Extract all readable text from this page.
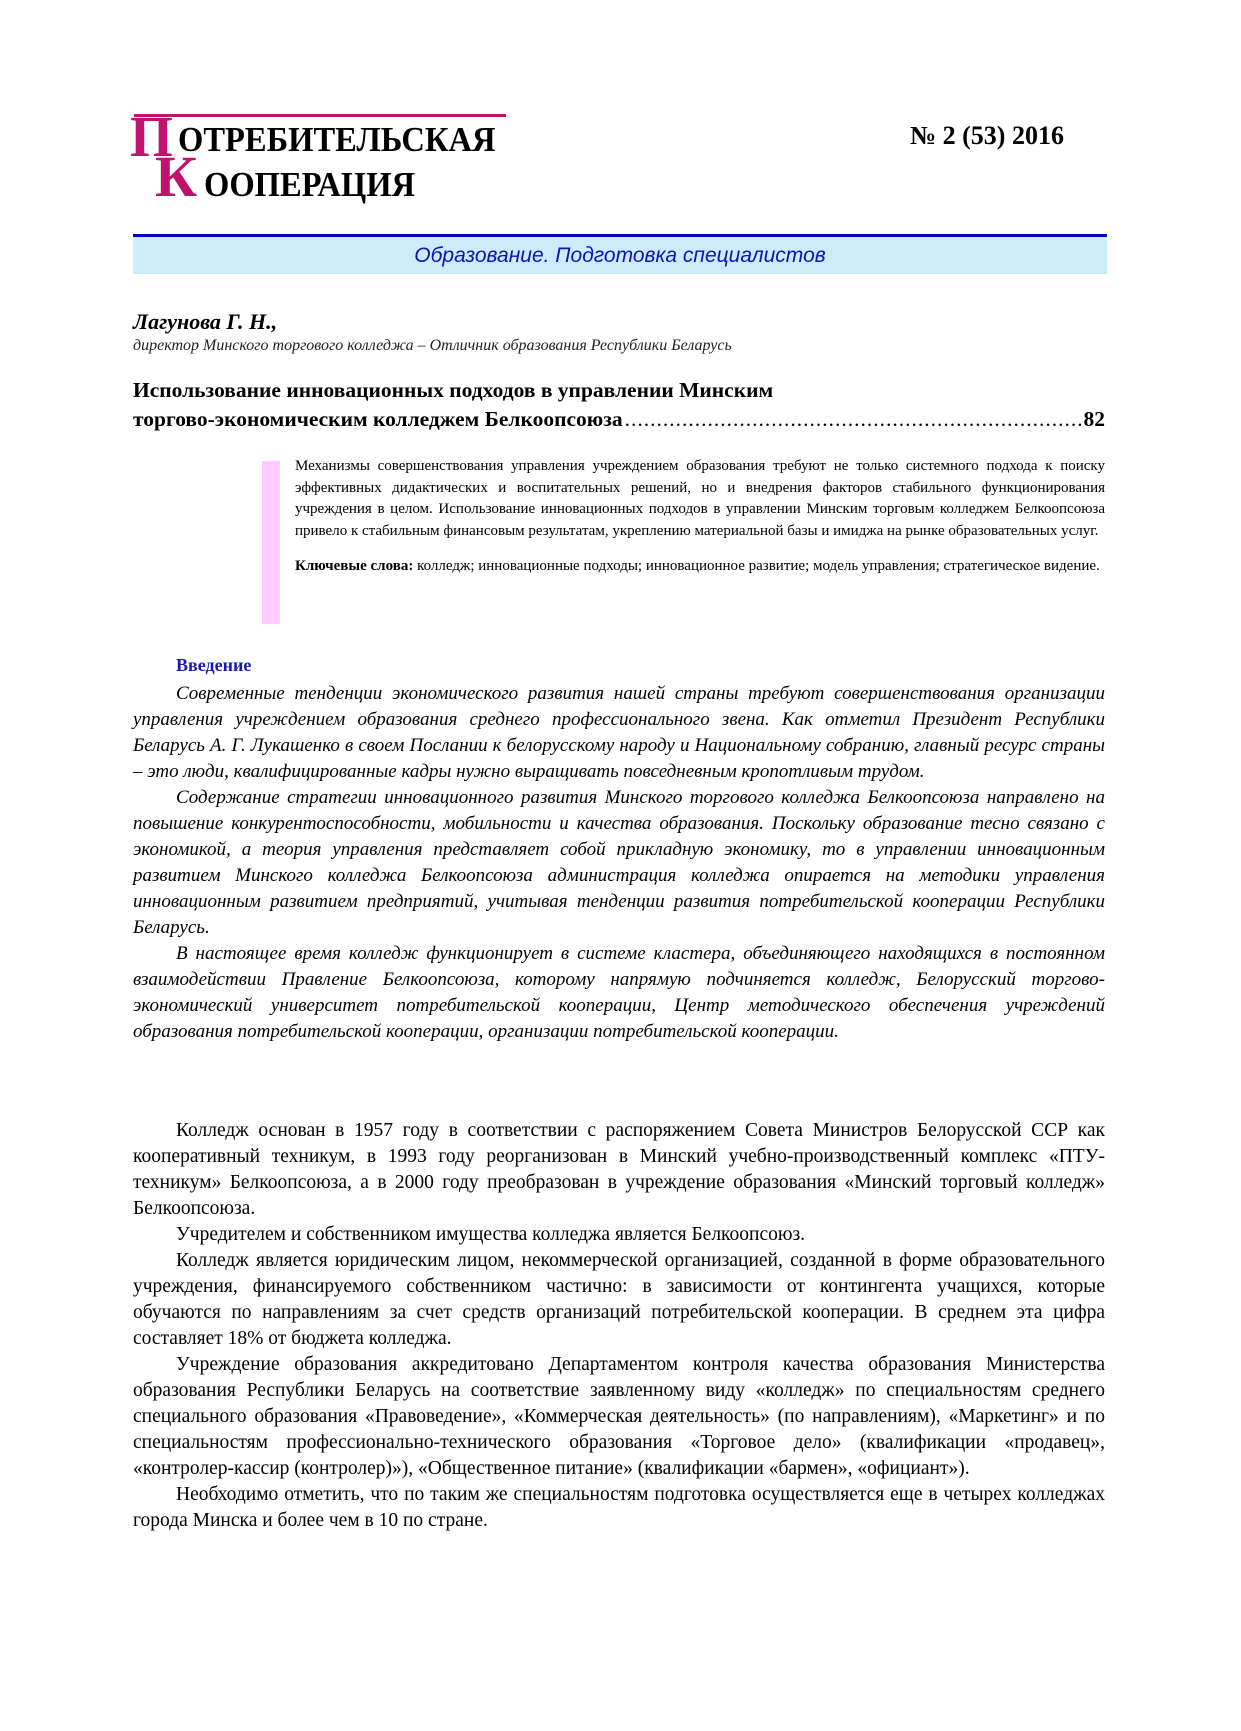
П ОТРЕБИТЕЛЬСКАЯ
К ООПЕРАЦИЯ
№ 2 (53) 2016
Образование. Подготовка специалистов
Лагунова Г. Н.,
директор Минского торгового колледжа – Отличник образования Республики Беларусь
Использование инновационных подходов в управлении Минским
торгово-экономическим колледжем Белкоопсоюза .....	82

Механизмы совершенствования управления учреждением образования требуют не только системного подхода к поиску эффективных дидактических и воспитательных решений, но и внедрения факторов стабильного функционирования учреждения в целом. Использование инновационных подходов в управлении Минским торговым колледжем Белкоопсоюза привело к стабильным финансовым результатам, укреплению материальной базы и имиджа на рынке образовательных услуг.

Ключевые слова: колледж; инновационные подходы; инновационное развитие; модель управления; стратегическое видение.

Введение

Современные тенденции экономического развития нашей страны требуют совершенствования организации управления учреждением образования среднего профессионального звена. Как отметил Президент Республики Беларусь А. Г. Лукашенко в своем Послании к белорусскому народу и Национальному собранию, главный ресурс страны – это люди, квалифицированные кадры нужно выращивать повседневным кропотливым трудом.

Содержание стратегии инновационного развития Минского торгового колледжа Белкоопсоюза направлено на повышение конкурентоспособности, мобильности и качества образования. Поскольку образование тесно связано с экономикой, а теория управления представляет собой прикладную экономику, то в управлении инновационным развитием Минского колледжа Белкоопсоюза администрация колледжа опирается на методики управления инновационным развитием предприятий, учитывая тенденции развития потребительской кооперации Республики Беларусь.

В настоящее время колледж функционирует в системе кластера, объединяющего находящихся в постоянном взаимодействии Правление Белкоопсоюза, которому напрямую подчиняется колледж, Белорусский торгово-экономический университет потребительской кооперации, Центр методического обеспечения учреждений образования потребительской кооперации, организации потребительской кооперации.

Колледж основан в 1957 году в соответствии с распоряжением Совета Министров Белорусской ССР как кооперативный техникум, в 1993 году реорганизован в Минский учебно-производственный комплекс «ПТУ-техникум» Белкоопсоюза, а в 2000 году преобразован в учреждение образования «Минский торговый колледж» Белкоопсоюза.

Учредителем и собственником имущества колледжа является Белкоопсоюз.

Колледж является юридическим лицом, некоммерческой организацией, созданной в форме образовательного учреждения, финансируемого собственником частично: в зависимости от контингента учащихся, которые обучаются по направлениям за счет средств организаций потребительской кооперации. В среднем эта цифра составляет 18% от бюджета колледжа.

Учреждение образования аккредитовано Департаментом контроля качества образования Министерства образования Республики Беларусь на соответствие заявленному виду «колледж» по специальностям среднего специального образования «Правоведение», «Коммерческая деятельность» (по направлениям), «Маркетинг» и по специальностям профессионально-технического образования «Торговое дело» (квалификации «продавец», «контролер-кассир (контролер)»), «Общественное питание» (квалификации «бармен», «официант»).

Необходимо отметить, что по таким же специальностям подготовка осуществляется еще в четырех колледжах города Минска и более чем в 10 по стране.
